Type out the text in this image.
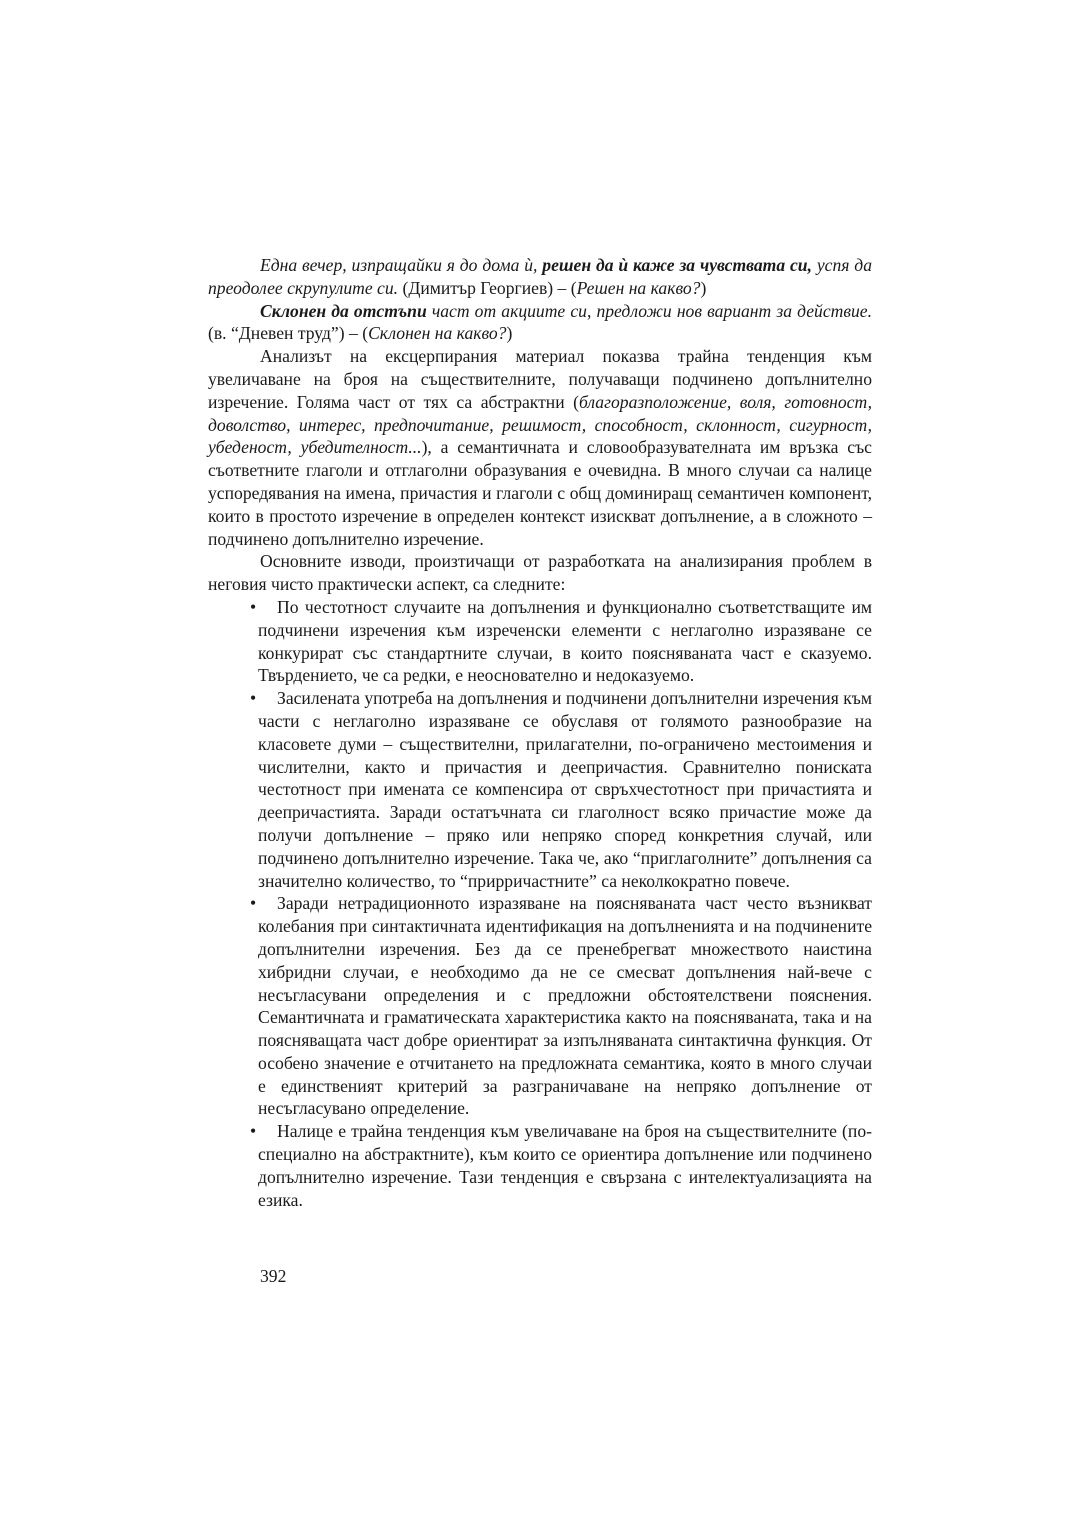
Една вечер, изпращайки я до дома ѝ, решен да ѝ каже за чувствата си, успя да преодолее скрупулите си. (Димитър Георгиев) – (Решен на какво?)

Склонен да отстъпи част от акциите си, предложи нов вариант за действие. (в. “Дневен труд”) – (Склонен на какво?)

Анализът на ексцерпирания материал показва трайна тенденция към увеличаване на броя на съществителните, получаващи подчинено допълнително изречение. Голяма част от тях са абстрактни (благоразположение, воля, готовност, доволство, интерес, предпочитание, решимост, способност, склонност, сигурност, убеденост, убедителност...), а семантичната и словообразувателната им връзка със съответните глаголи и отглаголни образувания е очевидна. В много случаи са налице успоредявания на имена, причастия и глаголи с общ доминиращ семантичен компонент, които в простото изречение в определен контекст изискват допълнение, а в сложното – подчинено допълнително изречение.

Основните изводи, произтичащи от разработката на анализирания проблем в неговия чисто практически аспект, са следните:

•	По честотност случаите на допълнения и функционално съответстващите им подчинени изречения към изреченски елементи с неглаголно изразяване се конкурират със стандартните случаи, в които поясняваната част е сказуемо. Твърдението, че са редки, е неоснователно и недоказуемо.
•	Засилената употреба на допълнения и подчинени допълнителни изречения към части с неглаголно изразяване се обуславя от голямото разнообразие на класовете думи – съществителни, прилагателни, по-ограничено местоимения и числителни, както и причастия и деепричастия. Сравнително пониската честотност при имената се компенсира от свръхчестотност при причастията и деепричастията. Заради остатъчната си глаголност всяко причастие може да получи допълнение – пряко или непряко според конкретния случай, или подчинено допълнително изречение. Така че, ако “приглаголните” допълнения са значително количество, то “приpричастните” са неколкократно повече.
•	Заради нетрадиционното изразяване на поясняваната част често възникват колебания при синтактичната идентификация на допълненията и на подчинените допълнителни изречения. Без да се пренебрегват множеството наистина хибридни случаи, е необходимо да не се смесват допълнения най-вече с несъгласувани определения и с предложни обстоятелствени пояснения. Семантичната и граматическата характеристика както на поясняваната, така и на поясняващата част добре ориентират за изпълняваната синтактична функция. От особено значение е отчитането на предложната семантика, която в много случаи е единственият критерий за разграничаване на непряко допълнение от несъгласувано определение.
•	Налице е трайна тенденция към увеличаване на броя на съществителните (по-специално на абстрактните), към които се ориентира допълнение или подчинено допълнително изречение. Тази тенденция е свързана с интелектуализацията на езика.
392
